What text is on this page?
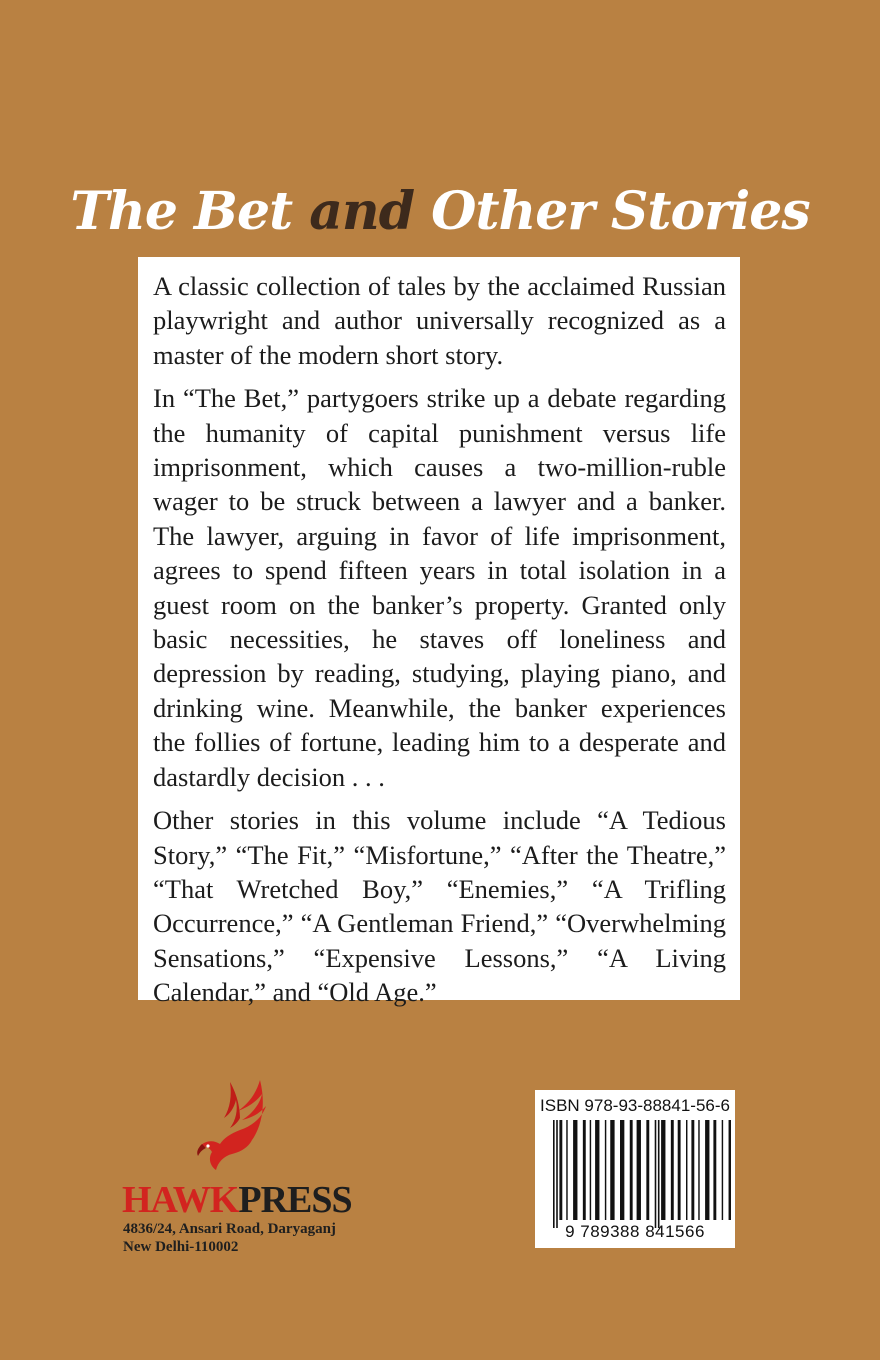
The Bet and Other Stories

A classic collection of tales by the acclaimed Russian playwright and author universally recognized as a master of the modern short story.

In “The Bet,” partygoers strike up a debate regarding the humanity of capital punishment versus life imprisonment, which causes a two-million-ruble wager to be struck between a lawyer and a banker. The lawyer, arguing in favor of life imprisonment, agrees to spend fifteen years in total isolation in a guest room on the banker’s property. Granted only basic necessities, he staves off loneliness and depression by reading, studying, playing piano, and drinking wine. Meanwhile, the banker experiences the follies of fortune, leading him to a desperate and dastardly decision . . .

Other stories in this volume include “A Tedious Story,” “The Fit,” “Misfortune,” “After the Theatre,” “That Wretched Boy,” “Enemies,” “A Trifling Occurrence,” “A Gentleman Friend,” “Overwhelming Sensations,” “Expensive Lessons,” “A Living Calendar,” and “Old Age.”

HAWKPRESS
4836/24, Ansari Road, Daryaganj
New Delhi-110002
ISBN 978-93-88841-56-6
9 789388 841566
